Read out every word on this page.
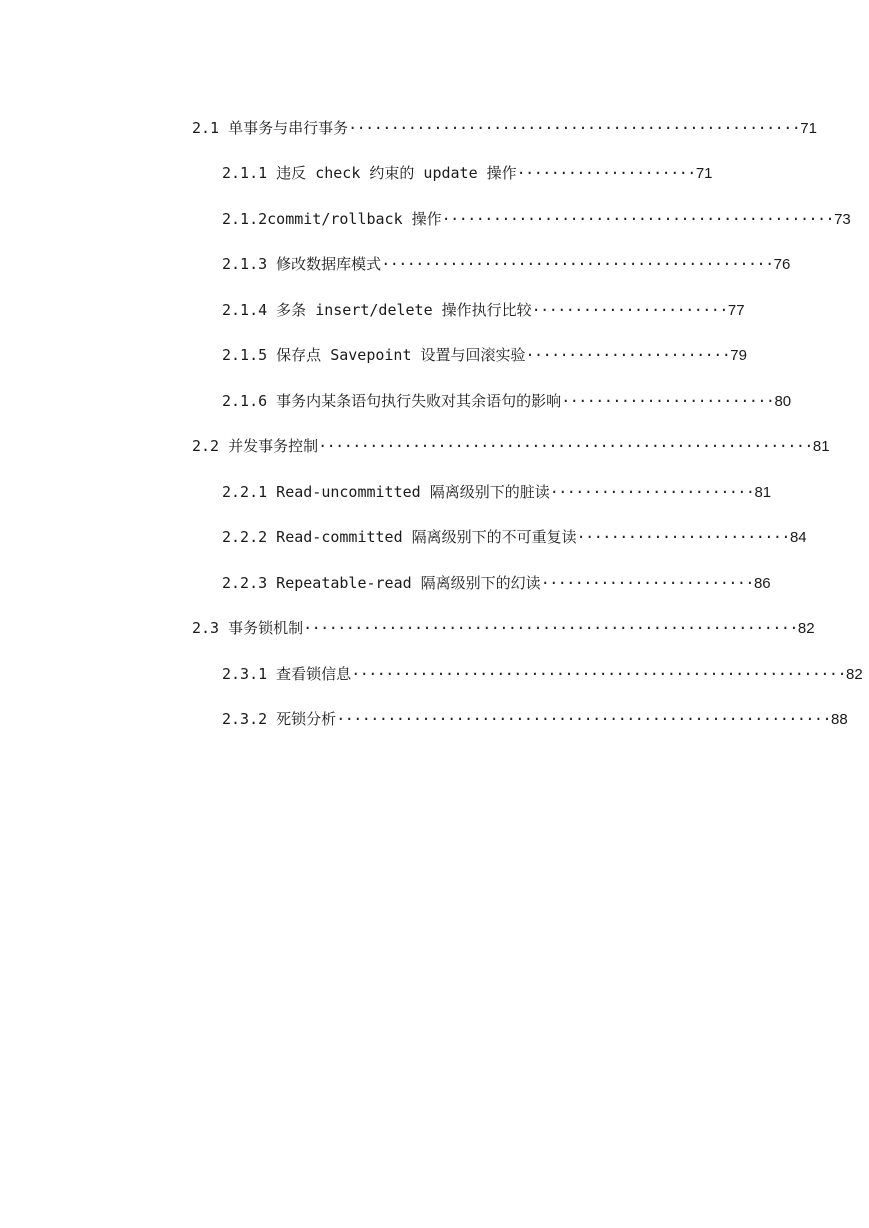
2.1 单事务与串行事务·····················································71
2.1.1 违反 check 约束的 update 操作·····················71
2.1.2commit/rollback 操作··············································73
2.1.3 修改数据库模式··············································76
2.1.4 多条 insert/delete 操作执行比较·······················77
2.1.5 保存点 Savepoint 设置与回滚实验························79
2.1.6 事务内某条语句执行失败对其余语句的影响·························80
2.2 并发事务控制··························································81
2.2.1 Read-uncommitted 隔离级别下的脏读························81
2.2.2 Read-committed 隔离级别下的不可重复读·························84
2.2.3 Repeatable-read 隔离级别下的幻读·························86
2.3 事务锁机制··························································82
2.3.1 查看锁信息··························································82
2.3.2 死锁分析··························································88
